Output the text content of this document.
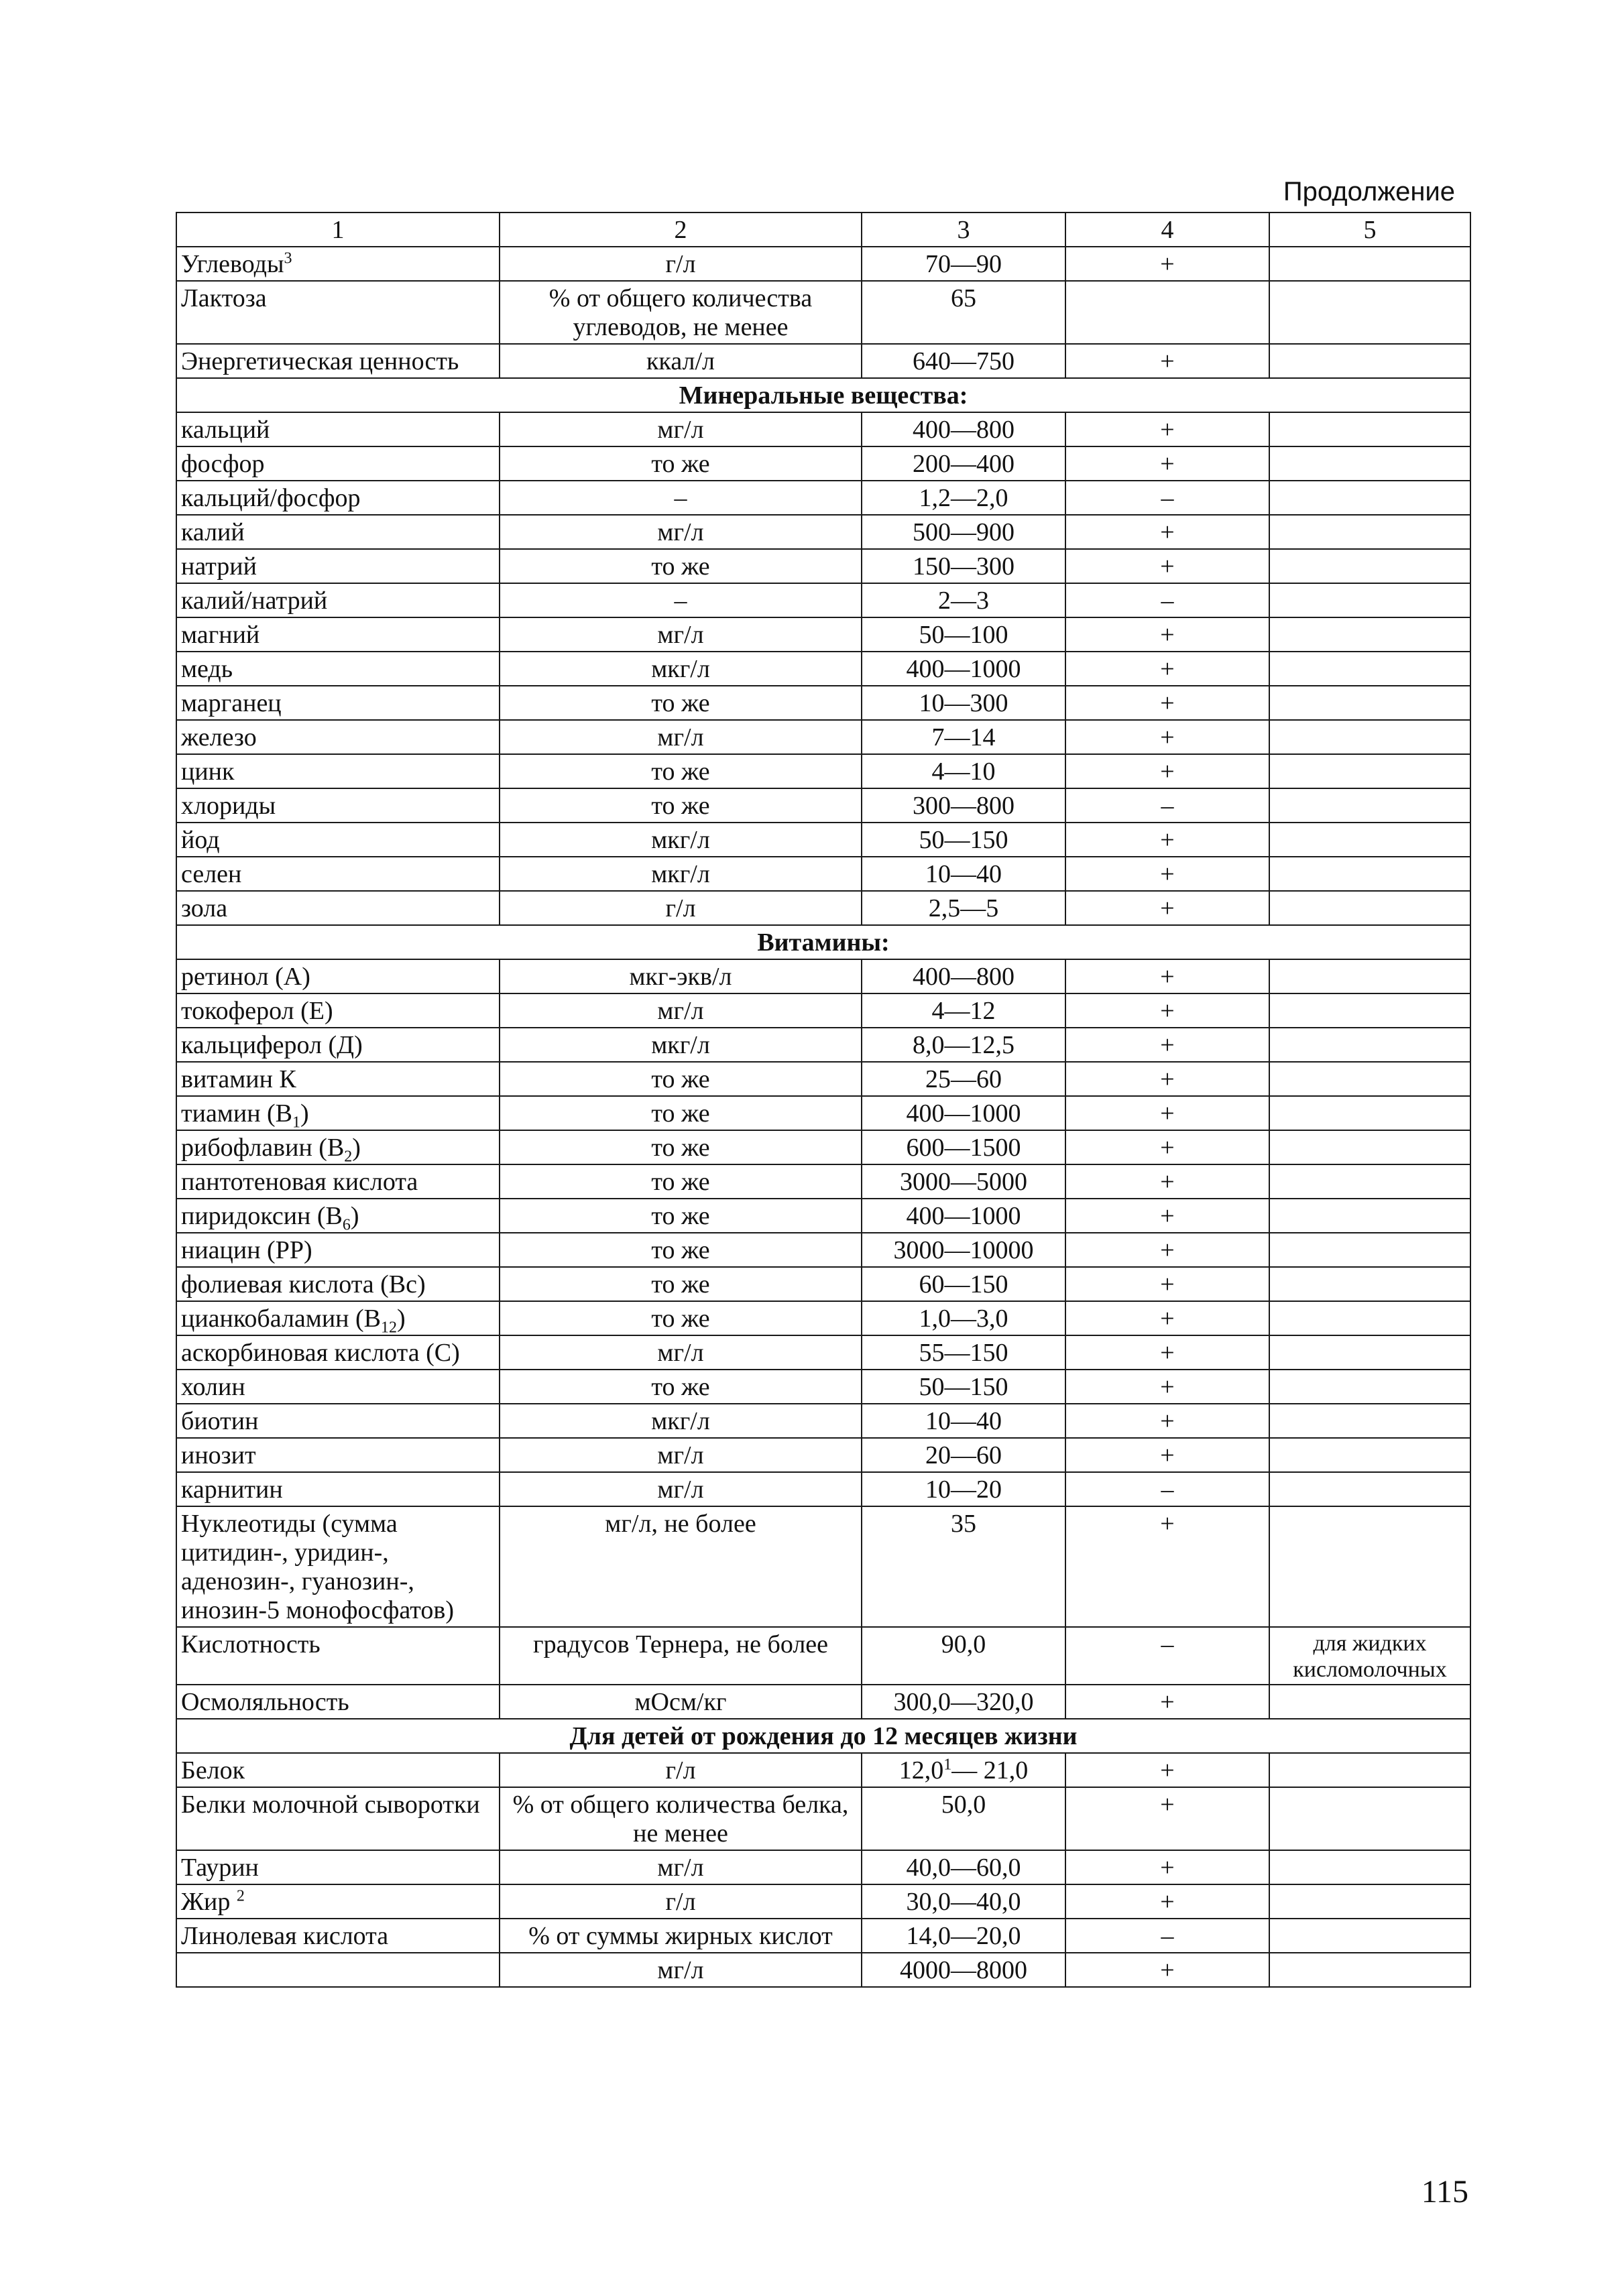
Продолжение
1	2	3	4	5
Углеводы$^3$	г/л	70—90	+	
Лактоза	% от общего количества углеводов, не менее	65		
Энергетическая ценность	ккал/л	640—750	+	
Минеральные вещества:				
кальций	мг/л	400—800	+	
фосфор	то же	200—400	+	
кальций/фосфор	–	1,2—2,0	–	
калий	мг/л	500—900	+	
натрий	то же	150—300	+	
калий/натрий	–	2—3	–	
магний	мг/л	50—100	+	
медь	мкг/л	400—1000	+	
марганец	то же	10—300	+	
железо	мг/л	7—14	+	
цинк	то же	4—10	+	
хлориды	то же	300—800	–	
йод	мкг/л	50—150	+	
селен	мкг/л	10—40	+	
зола	г/л	2,5—5	+	
Витамины:				
ретинол (А)	мкг-экв/л	400—800	+	
токоферол (Е)	мг/л	4—12	+	
кальциферол (Д)	мкг/л	8,0—12,5	+	
витамин К	то же	25—60	+	
тиамин $(B_1)$	то же	400—1000	+	
рибофлавин $(B_2)$	то же	600—1500	+	
пантотеновая кислота	то же	3000—5000	+	
пиридоксин $(B_6)$	то же	400—1000	+	
ниацин (PP)	то же	3000—10000	+	
фолиевая кислота (Bc)	то же	60—150	+	
цианкобаламин $(B_{12})$	то же	1,0—3,0	+	
аскорбиновая кислота (С)	мг/л	55—150	+	
холин	то же	50—150	+	
биотин	мкг/л	10—40	+	
инозит	мг/л	20—60	+	
карнитин	мг/л	10—20	–	
Нуклеотиды (сумма цитидин-, уридин-, аденозин-, гуанозин-, инозин-5 монофосфатов)	мг/л, не более	35	+	
Кислотность	градусов Тернера, не более	90,0	–	для жидких кисломолочных
Осмоляльность	мОсм/кг	300,0—320,0	+	
Для детей от рождения до 12 месяцев жизни				
Белок	г/л	12,0$^1$— 21,0	+	
Белки молочной сыворотки	% от общего количества белка, не менее	50,0	+	
Таурин	мг/л	40,0—60,0	+	
Жир $^2$	г/л	30,0—40,0	+	
Линолевая кислота	% от суммы жирных кислот	14,0—20,0	–	
	мг/л	4000—8000	+	
115
